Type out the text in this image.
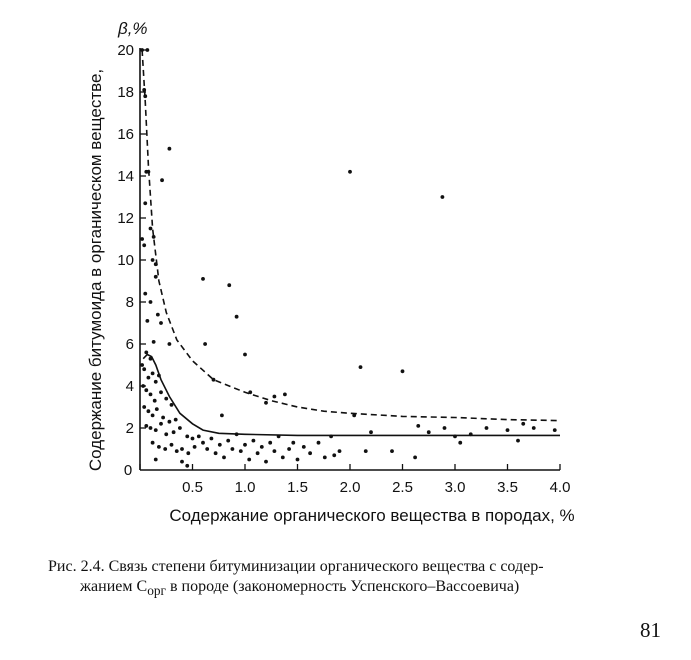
0
0.5 1.0 1.5 2.0 2.5 3.0 3.5 4.0
2
4
6
8
10
12
14
16
18
20
β,%
Содержание битумоида в органическом веществе,
Содержание органического вещества в породах, %
Рис. 2.4. Связь степени битуминизации органического вещества с содер-
жанием $С_{орг}$ в породе (закономерность Успенского–Вассоевича)
81
